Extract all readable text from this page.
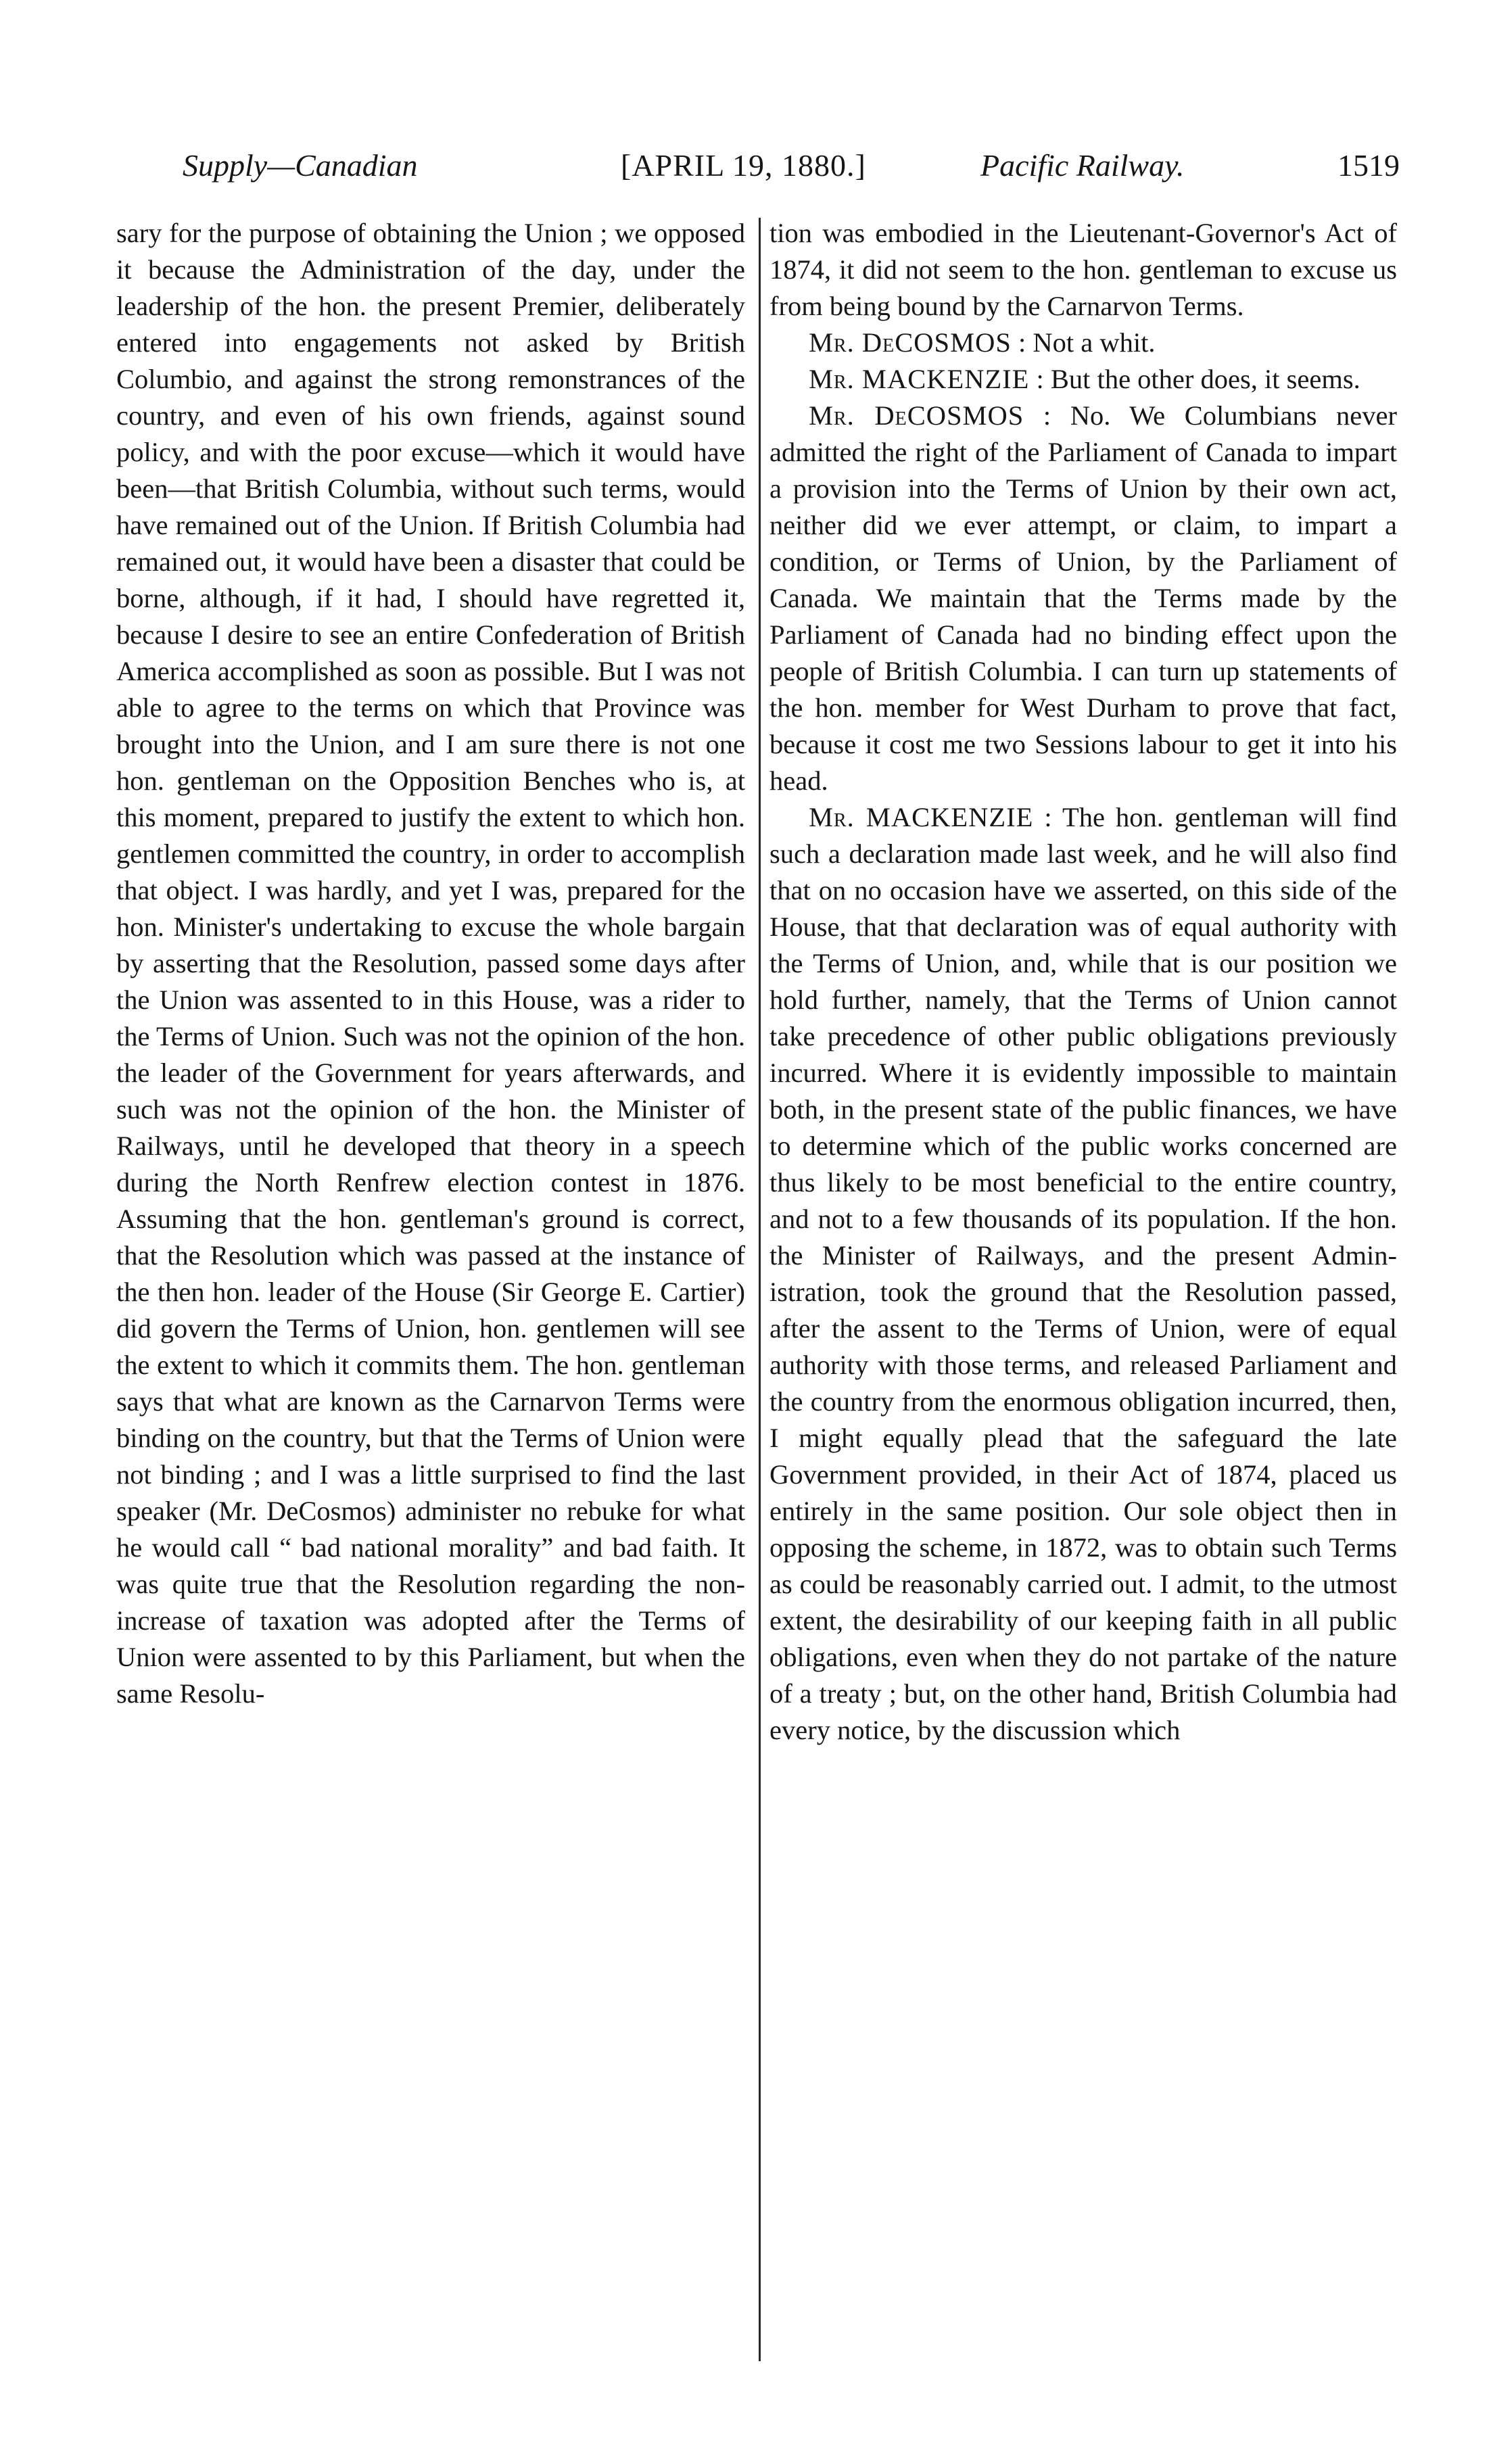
Supply—Canadian	[APRIL 19, 1880.]	Pacific Railway.	1519

sary for the purpose of obtaining the Union ; we opposed it because the Administration of the day, under the leadership of the hon. the present Premier, deliberately entered into engagements not asked by British Columbio, and against the strong remonstrances of the country, and even of his own friends, against sound policy, and with the poor excuse—which it would have been—that British Columbia, without such terms, would have remained out of the Union. If British Columbia had remained out, it would have been a disaster that could be borne, although, if it had, I should have regretted it, because I desire to see an entire Confederation of British America accomplished as soon as possible. But I was not able to agree to the terms on which that Province was brought into the Union, and I am sure there is not one hon. gentleman on the Opposition Benches who is, at this moment, prepared to justify the extent to which hon. gentlemen committed the country, in order to accomplish that object. I was hardly, and yet I was, prepared for the hon. Minister's undertaking to excuse the whole bargain by asserting that the Resolution, passed some days after the Union was assented to in this House, was a rider to the Terms of Union. Such was not the opinion of the hon. the leader of the Government for years afterwards, and such was not the opinion of the hon. the Minister of Railways, until he developed that theory in a speech during the North Renfrew election contest in 1876. Assuming that the hon. gentleman's ground is correct, that the Resolution which was passed at the instance of the then hon. leader of the House (Sir George E. Cartier) did govern the Terms of Union, hon. gentlemen will see the extent to which it commits them. The hon. gentleman says that what are known as the Carnarvon Terms were binding on the country, but that the Terms of Union were not binding ; and I was a little surprised to find the last speaker (Mr. DeCosmos) administer no rebuke for what he would call “ bad national morality” and bad faith. It was quite true that the Resolution regarding the non-increase of taxation was adopted after the Terms of Union were assented to by this Parliament, but when the same Resolu-

tion was embodied in the Lieutenant-Governor's Act of 1874, it did not seem to the hon. gentleman to excuse us from being bound by the Carnarvon Terms.

Mr. DeCOSMOS : Not a whit.

Mr. MACKENZIE : But the other does, it seems.

Mr. DeCOSMOS : No. We Columbians never admitted the right of the Parliament of Canada to impart a provision into the Terms of Union by their own act, neither did we ever attempt, or claim, to impart a condition, or Terms of Union, by the Parliament of Canada. We maintain that the Terms made by the Parliament of Canada had no binding effect upon the people of British Columbia. I can turn up statements of the hon. member for West Durham to prove that fact, because it cost me two Sessions labour to get it into his head.

Mr. MACKENZIE : The hon. gentleman will find such a declaration made last week, and he will also find that on no occasion have we asserted, on this side of the House, that that declaration was of equal authority with the Terms of Union, and, while that is our position we hold further, namely, that the Terms of Union cannot take precedence of other public obligations previously incurred. Where it is evidently impossible to maintain both, in the present state of the public finances, we have to determine which of the public works concerned are thus likely to be most beneficial to the entire country, and not to a few thousands of its population. If the hon. the Minister of Railways, and the present Administration, took the ground that the Resolution passed, after the assent to the Terms of Union, were of equal authority with those terms, and released Parliament and the country from the enormous obligation incurred, then, I might equally plead that the safeguard the late Government provided, in their Act of 1874, placed us entirely in the same position. Our sole object then in opposing the scheme, in 1872, was to obtain such Terms as could be reasonably carried out. I admit, to the utmost extent, the desirability of our keeping faith in all public obligations, even when they do not partake of the nature of a treaty ; but, on the other hand, British Columbia had every notice, by the discussion which
